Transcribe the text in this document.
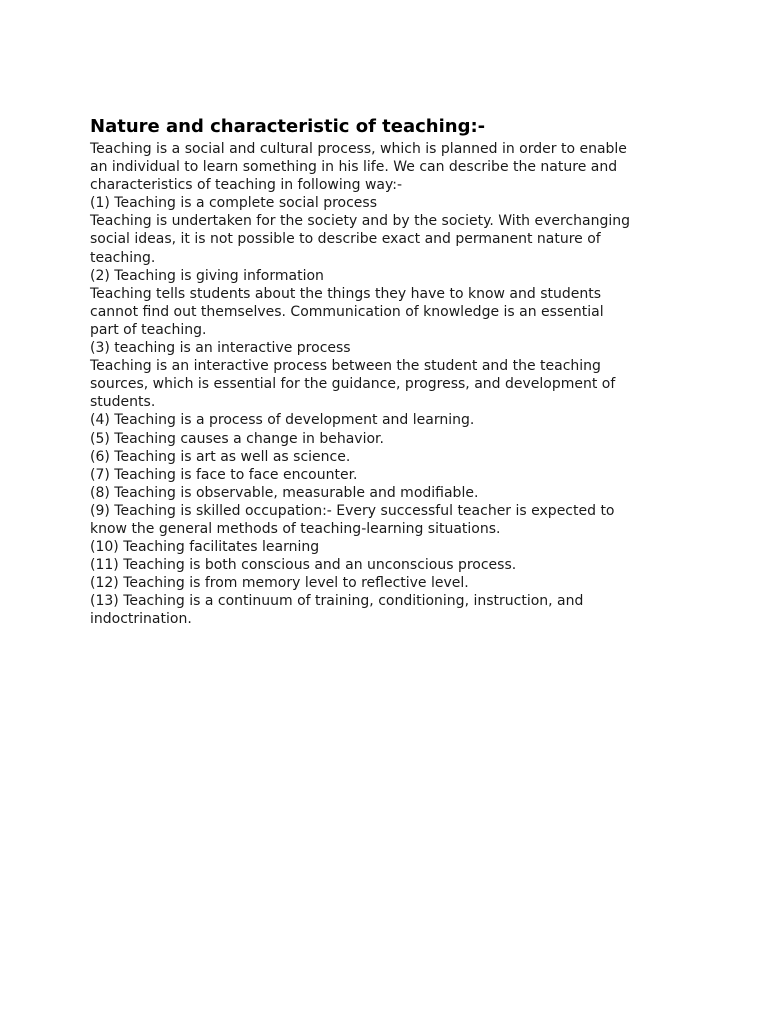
Nature and characteristic of teaching:-

Teaching is a social and cultural process, which is planned in order to enable

an individual to learn something in his life. We can describe the nature and

characteristics of teaching in following way:-

(1) Teaching is a complete social process

Teaching is undertaken for the society and by the society. With everchanging

social ideas, it is not possible to describe exact and permanent nature of

teaching.

(2) Teaching is giving information

Teaching tells students about the things they have to know and students

cannot find out themselves. Communication of knowledge is an essential

part of teaching.

(3) teaching is an interactive process

Teaching is an interactive process between the student and the teaching

sources, which is essential for the guidance, progress, and development of

students.

(4) Teaching is a process of development and learning.

(5) Teaching causes a change in behavior.

(6) Teaching is art as well as science.

(7) Teaching is face to face encounter.

(8) Teaching is observable, measurable and modifiable.

(9) Teaching is skilled occupation:- Every successful teacher is expected to

know the general methods of teaching-learning situations.

(10) Teaching facilitates learning

(11) Teaching is both conscious and an unconscious process.

(12) Teaching is from memory level to reflective level.

(13) Teaching is a continuum of training, conditioning, instruction, and

indoctrination.
